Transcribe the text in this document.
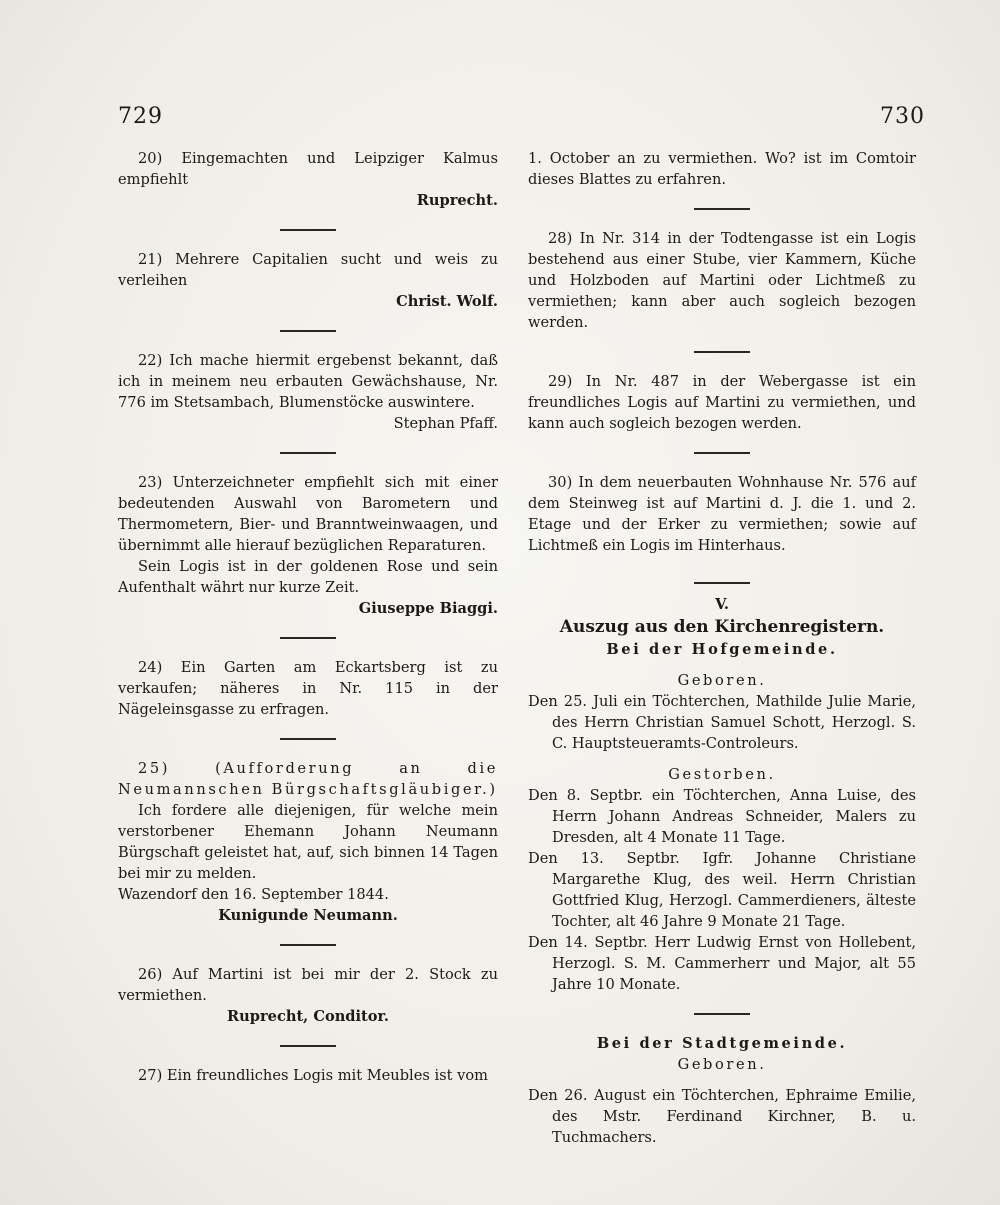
729	730

20) Eingemachten und Leipziger Kalmus empfiehlt

Ruprecht.

21) Mehrere Capitalien sucht und weis zu verleihen

Christ. Wolf.

22) Ich mache hiermit ergebenst bekannt, daß ich in meinem neu erbauten Gewächshause, Nr. 776 im Stetsambach, Blumenstöcke auswintere.

Stephan Pfaff.

23) Unterzeichneter empfiehlt sich mit einer bedeutenden Auswahl von Barometern und Thermometern, Bier- und Branntweinwaagen, und übernimmt alle hierauf bezüglichen Reparaturen.

Sein Logis ist in der goldenen Rose und sein Aufenthalt währt nur kurze Zeit.

Giuseppe Biaggi.

24) Ein Garten am Eckartsberg ist zu verkaufen; näheres in Nr. 115 in der Nägeleinsgasse zu erfragen.

25) (Aufforderung an die Neumannschen Bürgschaftsgläubiger.)

Ich fordere alle diejenigen, für welche mein verstorbener Ehemann Johann Neumann Bürgschaft geleistet hat, auf, sich binnen 14 Tagen bei mir zu melden.

Wazendorf den 16. September 1844.

Kunigunde Neumann.

26) Auf Martini ist bei mir der 2. Stock zu vermiethen.

Ruprecht, Conditor.

27) Ein freundliches Logis mit Meubles ist vom

1. October an zu vermiethen. Wo? ist im Comtoir dieses Blattes zu erfahren.

28) In Nr. 314 in der Todtengasse ist ein Logis bestehend aus einer Stube, vier Kammern, Küche und Holzboden auf Martini oder Lichtmeß zu vermiethen; kann aber auch sogleich bezogen werden.

29) In Nr. 487 in der Webergasse ist ein freundliches Logis auf Martini zu vermiethen, und kann auch sogleich bezogen werden.

30) In dem neuerbauten Wohnhause Nr. 576 auf dem Steinweg ist auf Martini d. J. die 1. und 2. Etage und der Erker zu vermiethen; sowie auf Lichtmeß ein Logis im Hinterhaus.

V.

Auszug aus den Kirchenregistern.

Bei der Hofgemeinde.

Geboren.

Den 25. Juli ein Töchterchen, Mathilde Julie Marie, des Herrn Christian Samuel Schott, Herzogl. S. C. Hauptsteueramts-Controleurs.

Gestorben.

Den 8. Septbr. ein Töchterchen, Anna Luise, des Herrn Johann Andreas Schneider, Malers zu Dresden, alt 4 Monate 11 Tage.

Den 13. Septbr. Igfr. Johanne Christiane Margarethe Klug, des weil. Herrn Christian Gottfried Klug, Herzogl. Cammerdieners, älteste Tochter, alt 46 Jahre 9 Monate 21 Tage.

Den 14. Septbr. Herr Ludwig Ernst von Hollebent, Herzogl. S. M. Cammerherr und Major, alt 55 Jahre 10 Monate.

Bei der Stadtgemeinde.

Geboren.

Den 26. August ein Töchterchen, Ephraime Emilie, des Mstr. Ferdinand Kirchner, B. u. Tuchmachers.
